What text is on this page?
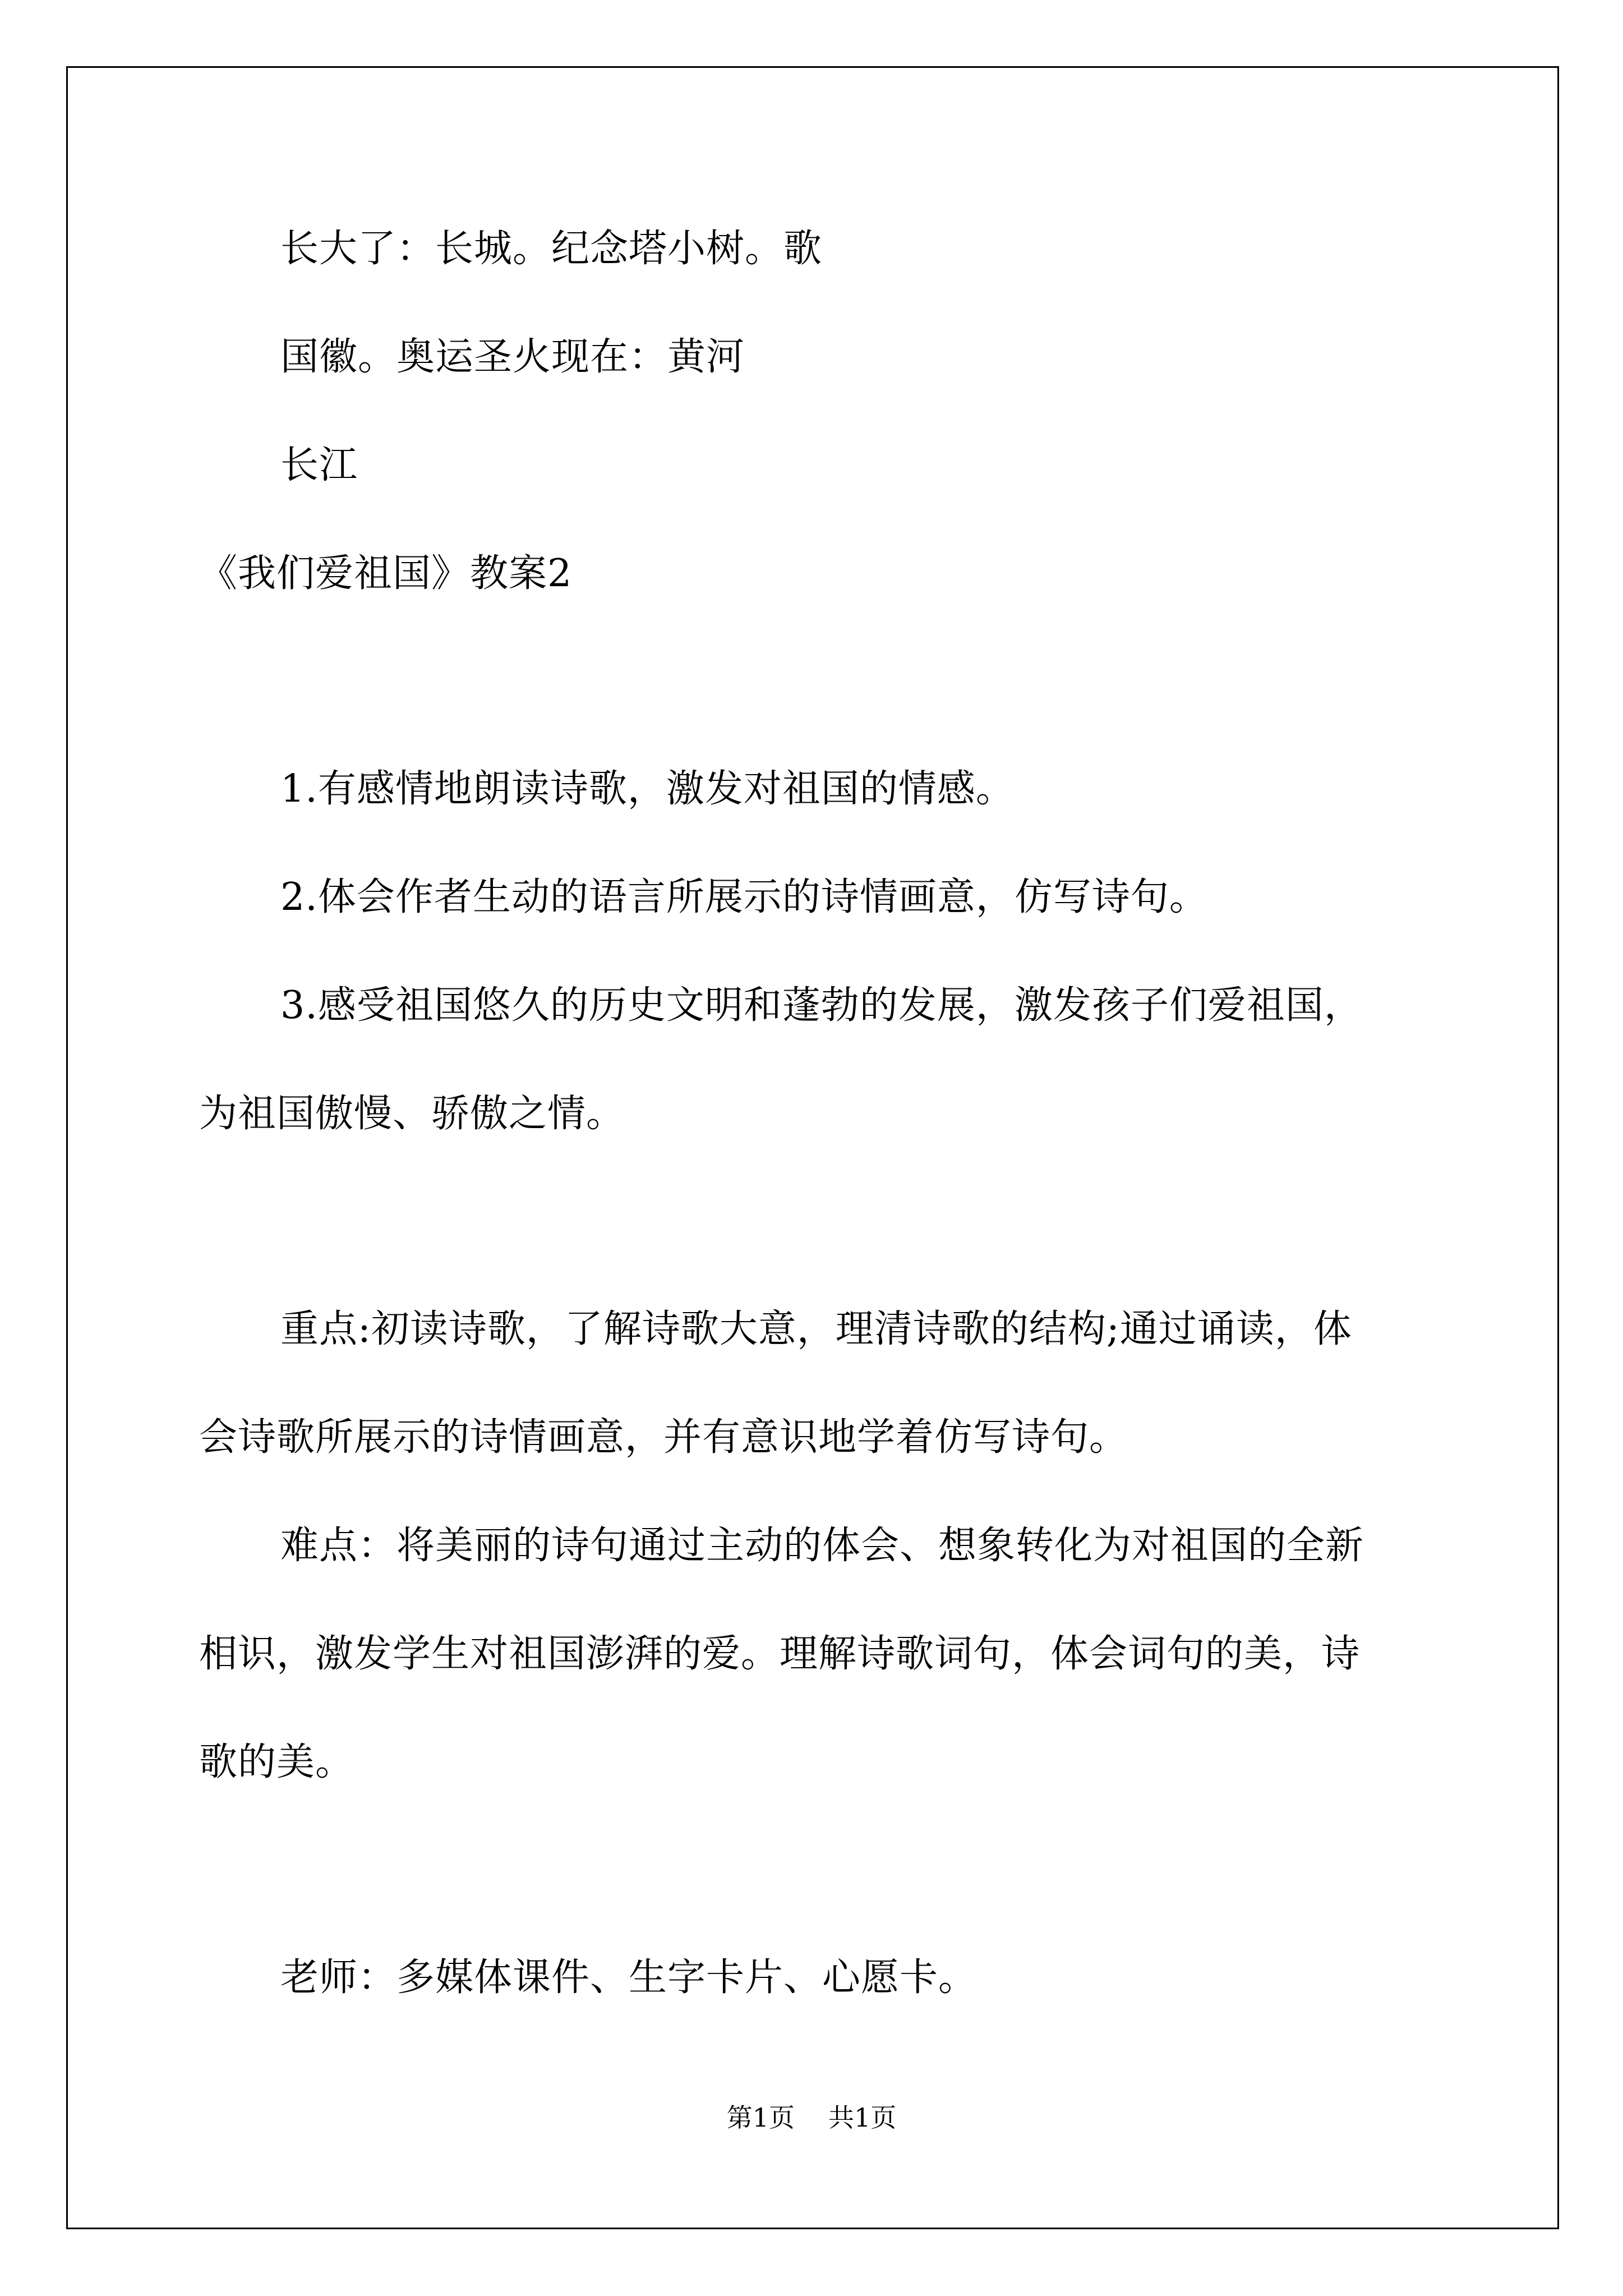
长大了：长城。纪念塔小树。歌
国徽。奥运圣火现在：黄河
长江
《我们爱祖国》教案2
1.有感情地朗读诗歌，激发对祖国的情感。
2.体会作者生动的语言所展示的诗情画意，仿写诗句。
3.感受祖国悠久的历史文明和蓬勃的发展，激发孩子们爱祖国，
为祖国傲慢、骄傲之情。
重点:初读诗歌，了解诗歌大意，理清诗歌的结构;通过诵读，体
会诗歌所展示的诗情画意，并有意识地学着仿写诗句。
难点：将美丽的诗句通过主动的体会、想象转化为对祖国的全新
相识，激发学生对祖国澎湃的爱。理解诗歌词句，体会词句的美，诗
歌的美。
老师：多媒体课件、生字卡片、心愿卡。
第1页 共1页
